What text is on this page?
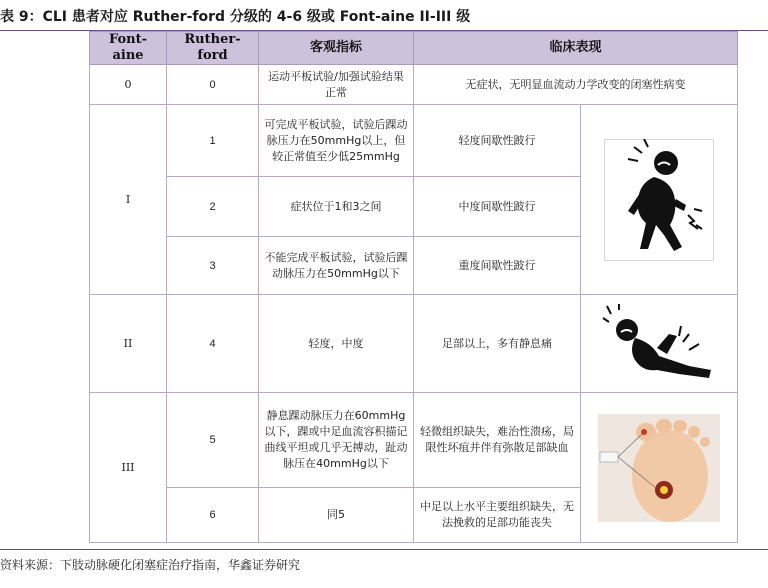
表 9：CLI 患者对应 Ruther-ford 分级的 4-6 级或 Font-aine II-III 级
Font-aine	Ruther-ford	客观指标	临床表现	
0	0	运动平板试验/加强试验结果正常	无症状，无明显血流动力学改变的闭塞性病变	
I	1	可完成平板试验，试验后踝动脉压力在50mmHg以上，但较正常值至少低25mmHg	轻度间歇性跛行	

	2	症状位于1和3之间	中度间歇性跛行	
	3	不能完成平板试验，试验后踝动脉压力在50mmHg以下	重度间歇性跛行	
II	4	轻度，中度	足部以上，多有静息痛	

III	5	静息踝动脉压力在60mmHg以下，踝或中足血流容积描记曲线平坦或几乎无搏动，趾动脉压在40mmHg以下	轻微组织缺失，难治性溃疡，局限性坏疽并伴有弥散足部缺血	

	6	同5	中足以上水平主要组织缺失，无法挽救的足部功能丧失	
资料来源：下肢动脉硬化闭塞症治疗指南，华鑫证券研究
